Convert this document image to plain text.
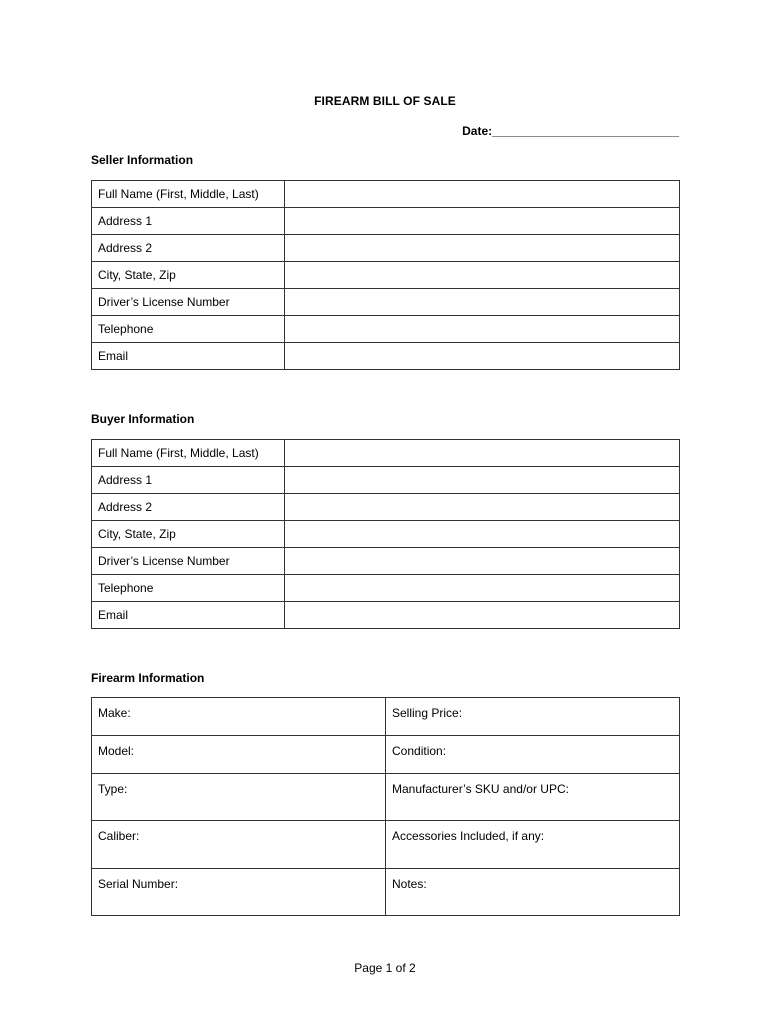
FIREARM BILL OF SALE
Date:____________________________
Seller Information
Full Name (First, Middle, Last)	
Address 1	
Address 2	
City, State, Zip	
Driver’s License Number	
Telephone	
Email	
Buyer Information
Full Name (First, Middle, Last)	
Address 1	
Address 2	
City, State, Zip	
Driver’s License Number	
Telephone	
Email	
Firearm Information
Make:	Selling Price:
Model:	Condition:
Type:	Manufacturer’s SKU and/or UPC:
Caliber:	Accessories Included, if any:
Serial Number:	Notes:
Page 1 of 2
